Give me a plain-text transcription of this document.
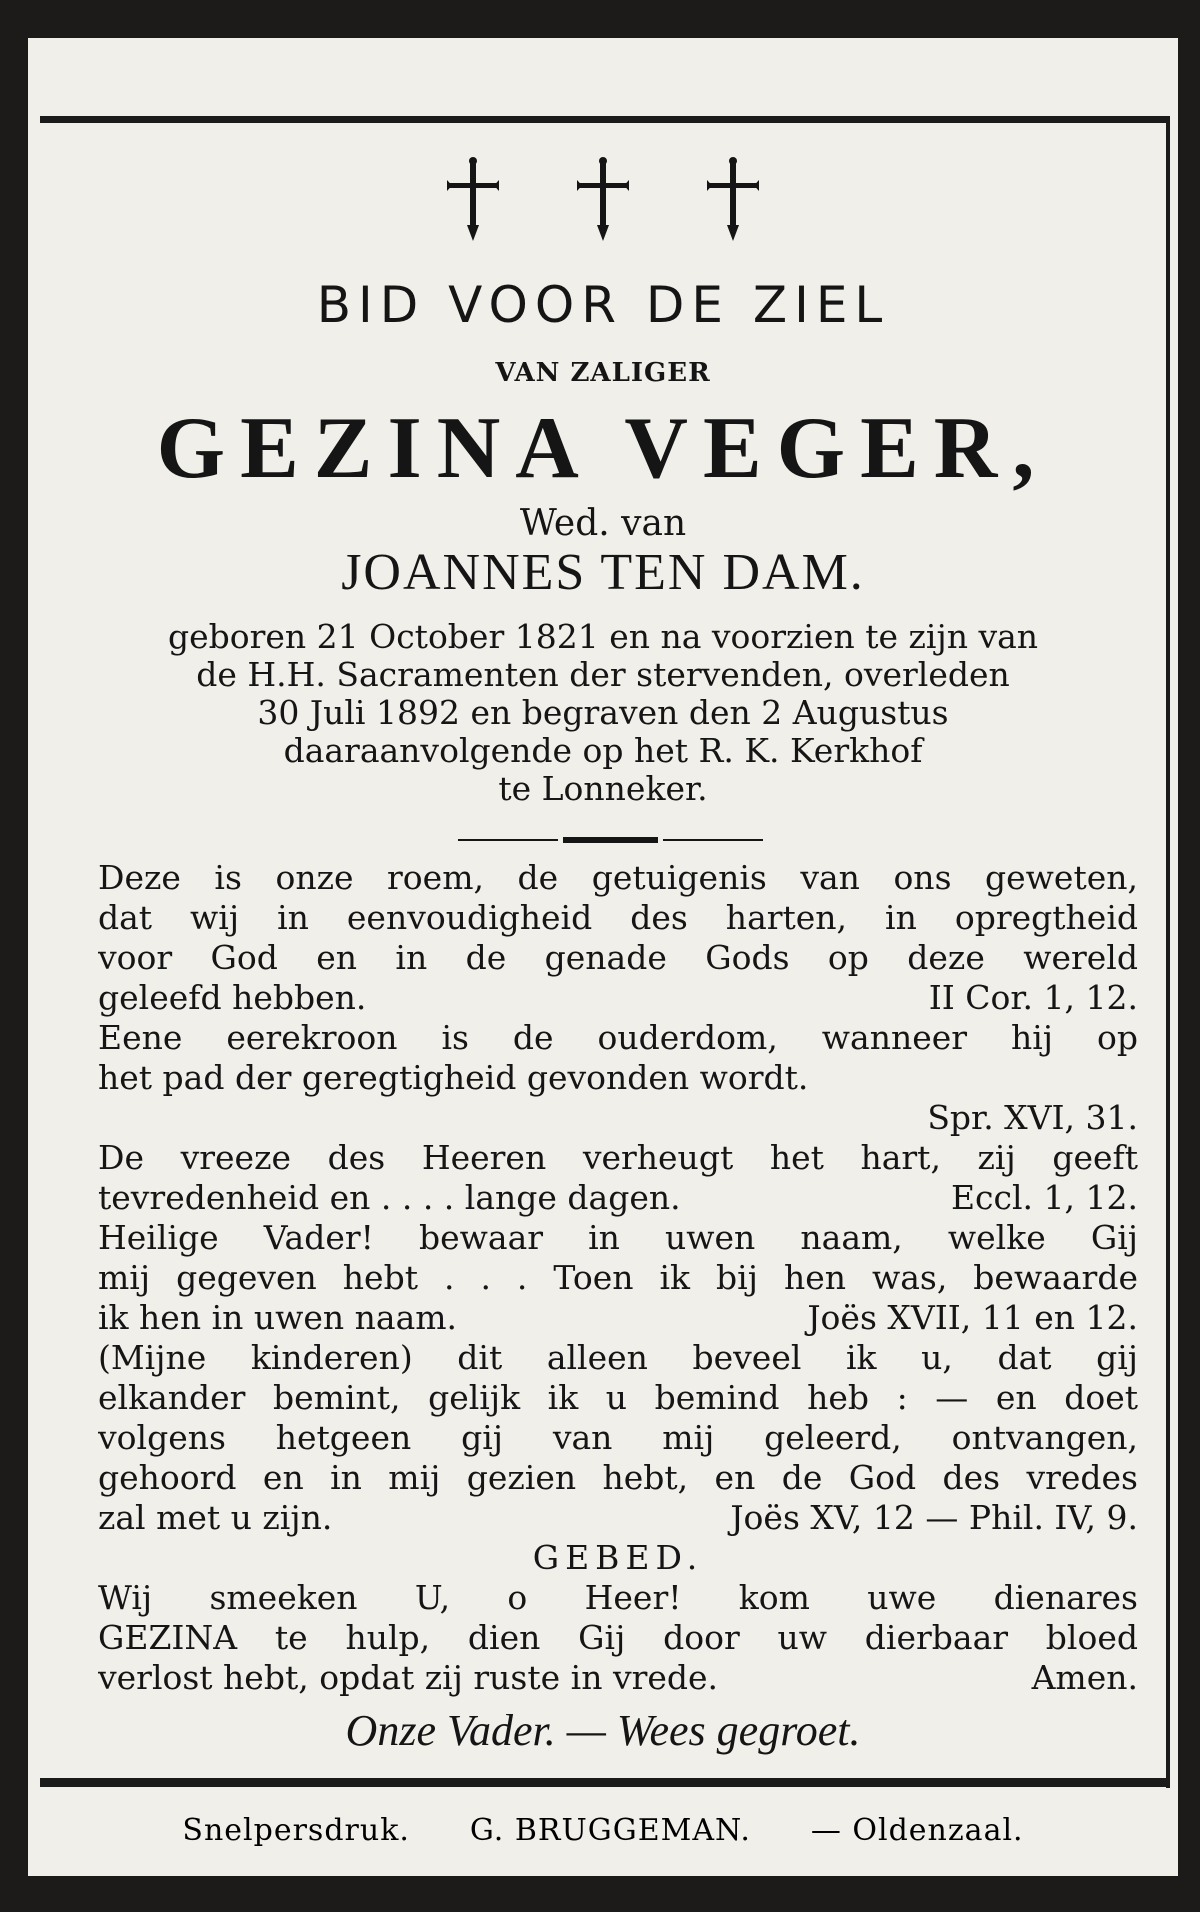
BID VOOR DE ZIEL
VAN ZALIGER
GEZINA VEGER,
Wed. van
JOANNES TEN DAM.
geboren 21 October 1821 en na voorzien te zijn van
de H.H. Sacramenten der stervenden, overleden
30 Juli 1892 en begraven den 2 Augustus
daaraanvolgende op het R. K. Kerkhof
te Lonneker.
Deze is onze roem, de getuigenis van ons geweten,
dat wij in eenvoudigheid des harten, in opregtheid
voor God en in de genade Gods op deze wereld
geleefd hebben.	II Cor. 1, 12.
Eene eerekroon is de ouderdom, wanneer hij op
het pad der geregtigheid gevonden wordt.
Spr. XVI, 31.
De vreeze des Heeren verheugt het hart, zij geeft
tevredenheid en . . . . lange dagen.	Eccl. 1, 12.
Heilige Vader! bewaar in uwen naam, welke Gij
mij gegeven hebt . . . Toen ik bij hen was, bewaarde
ik hen in uwen naam.	Joës XVII, 11 en 12.
(Mijne kinderen) dit alleen beveel ik u, dat gij
elkander bemint, gelijk ik u bemind heb : — en doet
volgens hetgeen gij van mij geleerd, ontvangen,
gehoord en in mij gezien hebt, en de God des vredes
zal met u zijn.	Joës XV, 12 — Phil. IV, 9.
GEBED.
Wij smeeken U, o Heer! kom uwe dienares
GEZINA te hulp, dien Gij door uw dierbaar bloed
verlost hebt, opdat zij ruste in vrede.	Amen.
Onze Vader. — Wees gegroet.
Snelpersdruk. G. BRUGGEMAN. — Oldenzaal.
